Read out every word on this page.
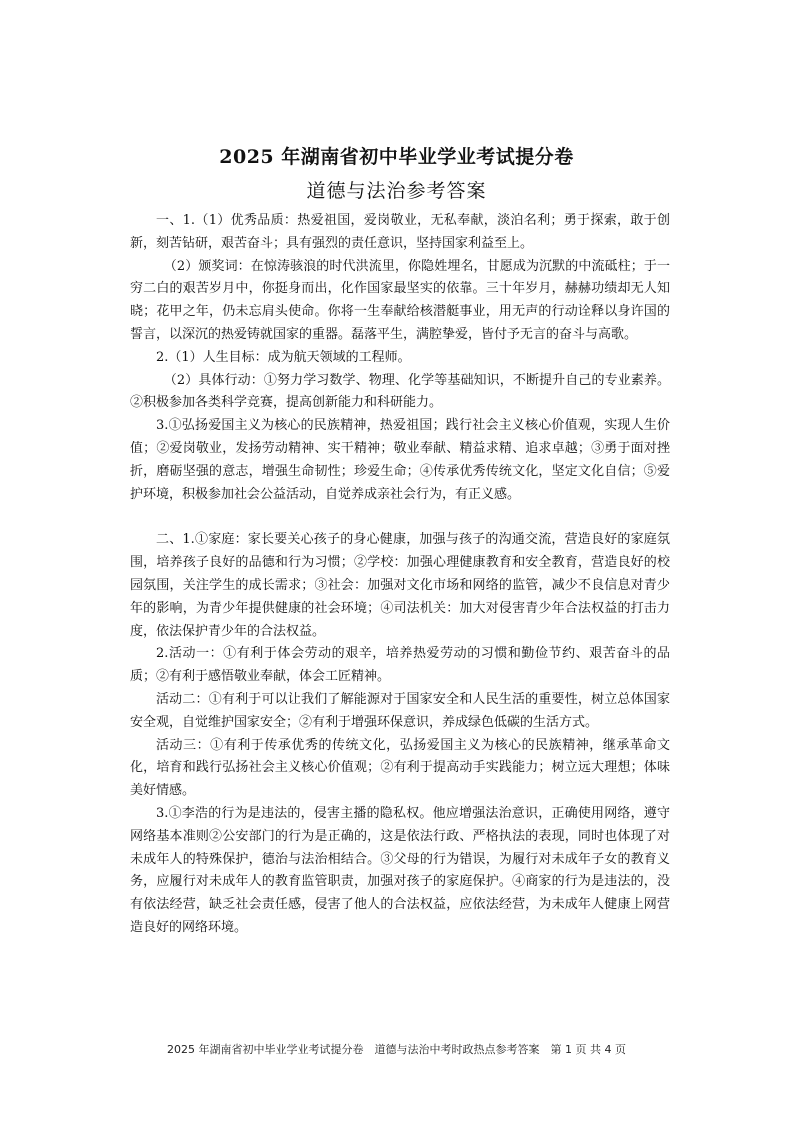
2025 年湖南省初中毕业学业考试提分卷
道德与法治参考答案

一、1.（1）优秀品质：热爱祖国，爱岗敬业，无私奉献，淡泊名利；勇于探索，敢于创新，刻苦钻研，艰苦奋斗；具有强烈的责任意识，坚持国家利益至上。

（2）颁奖词：在惊涛骇浪的时代洪流里，你隐姓埋名，甘愿成为沉默的中流砥柱；于一穷二白的艰苦岁月中，你挺身而出，化作国家最坚实的依靠。三十年岁月，赫赫功绩却无人知晓；花甲之年，仍未忘肩头使命。你将一生奉献给核潜艇事业，用无声的行动诠释以身许国的誓言，以深沉的热爱铸就国家的重器。磊落平生，满腔挚爱，皆付予无言的奋斗与高歌。

2.（1）人生目标：成为航天领域的工程师。

（2）具体行动：①努力学习数学、物理、化学等基础知识，不断提升自己的专业素养。②积极参加各类科学竞赛，提高创新能力和科研能力。

3.①弘扬爱国主义为核心的民族精神，热爱祖国；践行社会主义核心价值观，实现人生价值；②爱岗敬业，发扬劳动精神、实干精神；敬业奉献、精益求精、追求卓越；③勇于面对挫折，磨砺坚强的意志，增强生命韧性；珍爱生命；④传承优秀传统文化，坚定文化自信；⑤爱护环境，积极参加社会公益活动，自觉养成亲社会行为，有正义感。

二、1.①家庭：家长要关心孩子的身心健康，加强与孩子的沟通交流，营造良好的家庭氛围，培养孩子良好的品德和行为习惯；②学校：加强心理健康教育和安全教育，营造良好的校园氛围，关注学生的成长需求；③社会：加强对文化市场和网络的监管，减少不良信息对青少年的影响，为青少年提供健康的社会环境；④司法机关：加大对侵害青少年合法权益的打击力度，依法保护青少年的合法权益。

2.活动一：①有利于体会劳动的艰辛，培养热爱劳动的习惯和勤俭节约、艰苦奋斗的品质；②有利于感悟敬业奉献，体会工匠精神。

活动二：①有利于可以让我们了解能源对于国家安全和人民生活的重要性，树立总体国家安全观，自觉维护国家安全；②有利于增强环保意识，养成绿色低碳的生活方式。

活动三：①有利于传承优秀的传统文化，弘扬爱国主义为核心的民族精神，继承革命文化，培育和践行弘扬社会主义核心价值观；②有利于提高动手实践能力；树立远大理想；体味美好情感。

3.①李浩的行为是违法的，侵害主播的隐私权。他应增强法治意识，正确使用网络，遵守网络基本准则②公安部门的行为是正确的，这是依法行政、严格执法的表现，同时也体现了对未成年人的特殊保护，德治与法治相结合。③父母的行为错误，为履行对未成年子女的教育义务，应履行对未成年人的教育监管职责，加强对孩子的家庭保护。④商家的行为是违法的，没有依法经营，缺乏社会责任感，侵害了他人的合法权益，应依法经营，为未成年人健康上网营造良好的网络环境。

2025 年湖南省初中毕业学业考试提分卷　道德与法治中考时政热点参考答案　第 1 页 共 4 页
